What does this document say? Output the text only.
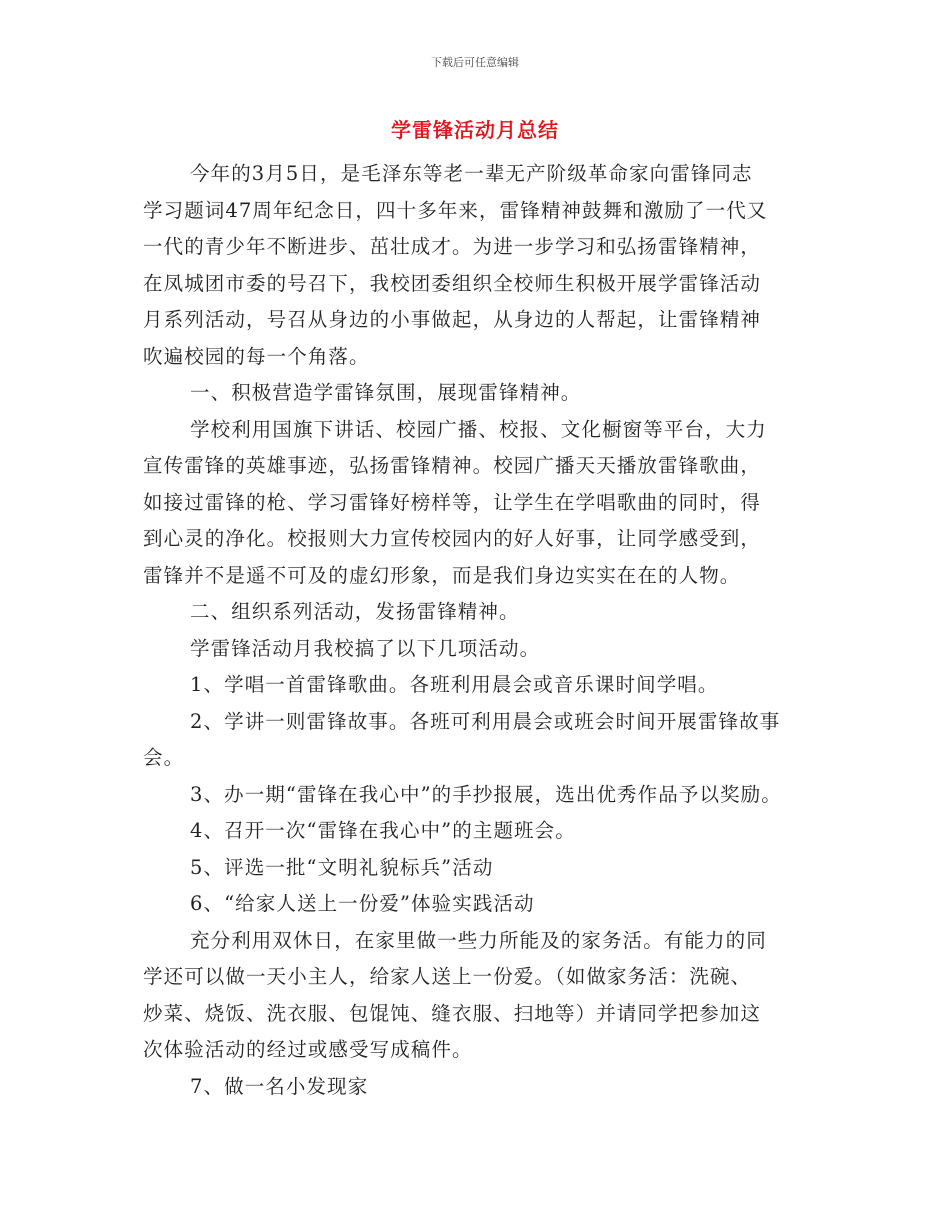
下载后可任意编辑
学雷锋活动月总结
今年的3月5日，是毛泽东等老一辈无产阶级革命家向雷锋同志
学习题词47周年纪念日，四十多年来，雷锋精神鼓舞和激励了一代又
一代的青少年不断进步、茁壮成才。为进一步学习和弘扬雷锋精神，
在凤城团市委的号召下，我校团委组织全校师生积极开展学雷锋活动
月系列活动，号召从身边的小事做起，从身边的人帮起，让雷锋精神
吹遍校园的每一个角落。
一、积极营造学雷锋氛围，展现雷锋精神。
学校利用国旗下讲话、校园广播、校报、文化橱窗等平台，大力
宣传雷锋的英雄事迹，弘扬雷锋精神。校园广播天天播放雷锋歌曲，
如接过雷锋的枪、学习雷锋好榜样等，让学生在学唱歌曲的同时，得
到心灵的净化。校报则大力宣传校园内的好人好事，让同学感受到，
雷锋并不是遥不可及的虚幻形象，而是我们身边实实在在的人物。
二、组织系列活动，发扬雷锋精神。
学雷锋活动月我校搞了以下几项活动。
1、学唱一首雷锋歌曲。各班利用晨会或音乐课时间学唱。
2、学讲一则雷锋故事。各班可利用晨会或班会时间开展雷锋故事
会。
3、办一期“雷锋在我心中”的手抄报展，选出优秀作品予以奖励。
4、召开一次“雷锋在我心中”的主题班会。
5、评选一批“文明礼貌标兵”活动
6、“给家人送上一份爱”体验实践活动
充分利用双休日，在家里做一些力所能及的家务活。有能力的同
学还可以做一天小主人，给家人送上一份爱。（如做家务活：洗碗、
炒菜、烧饭、洗衣服、包馄饨、缝衣服、扫地等）并请同学把参加这
次体验活动的经过或感受写成稿件。
7、做一名小发现家
